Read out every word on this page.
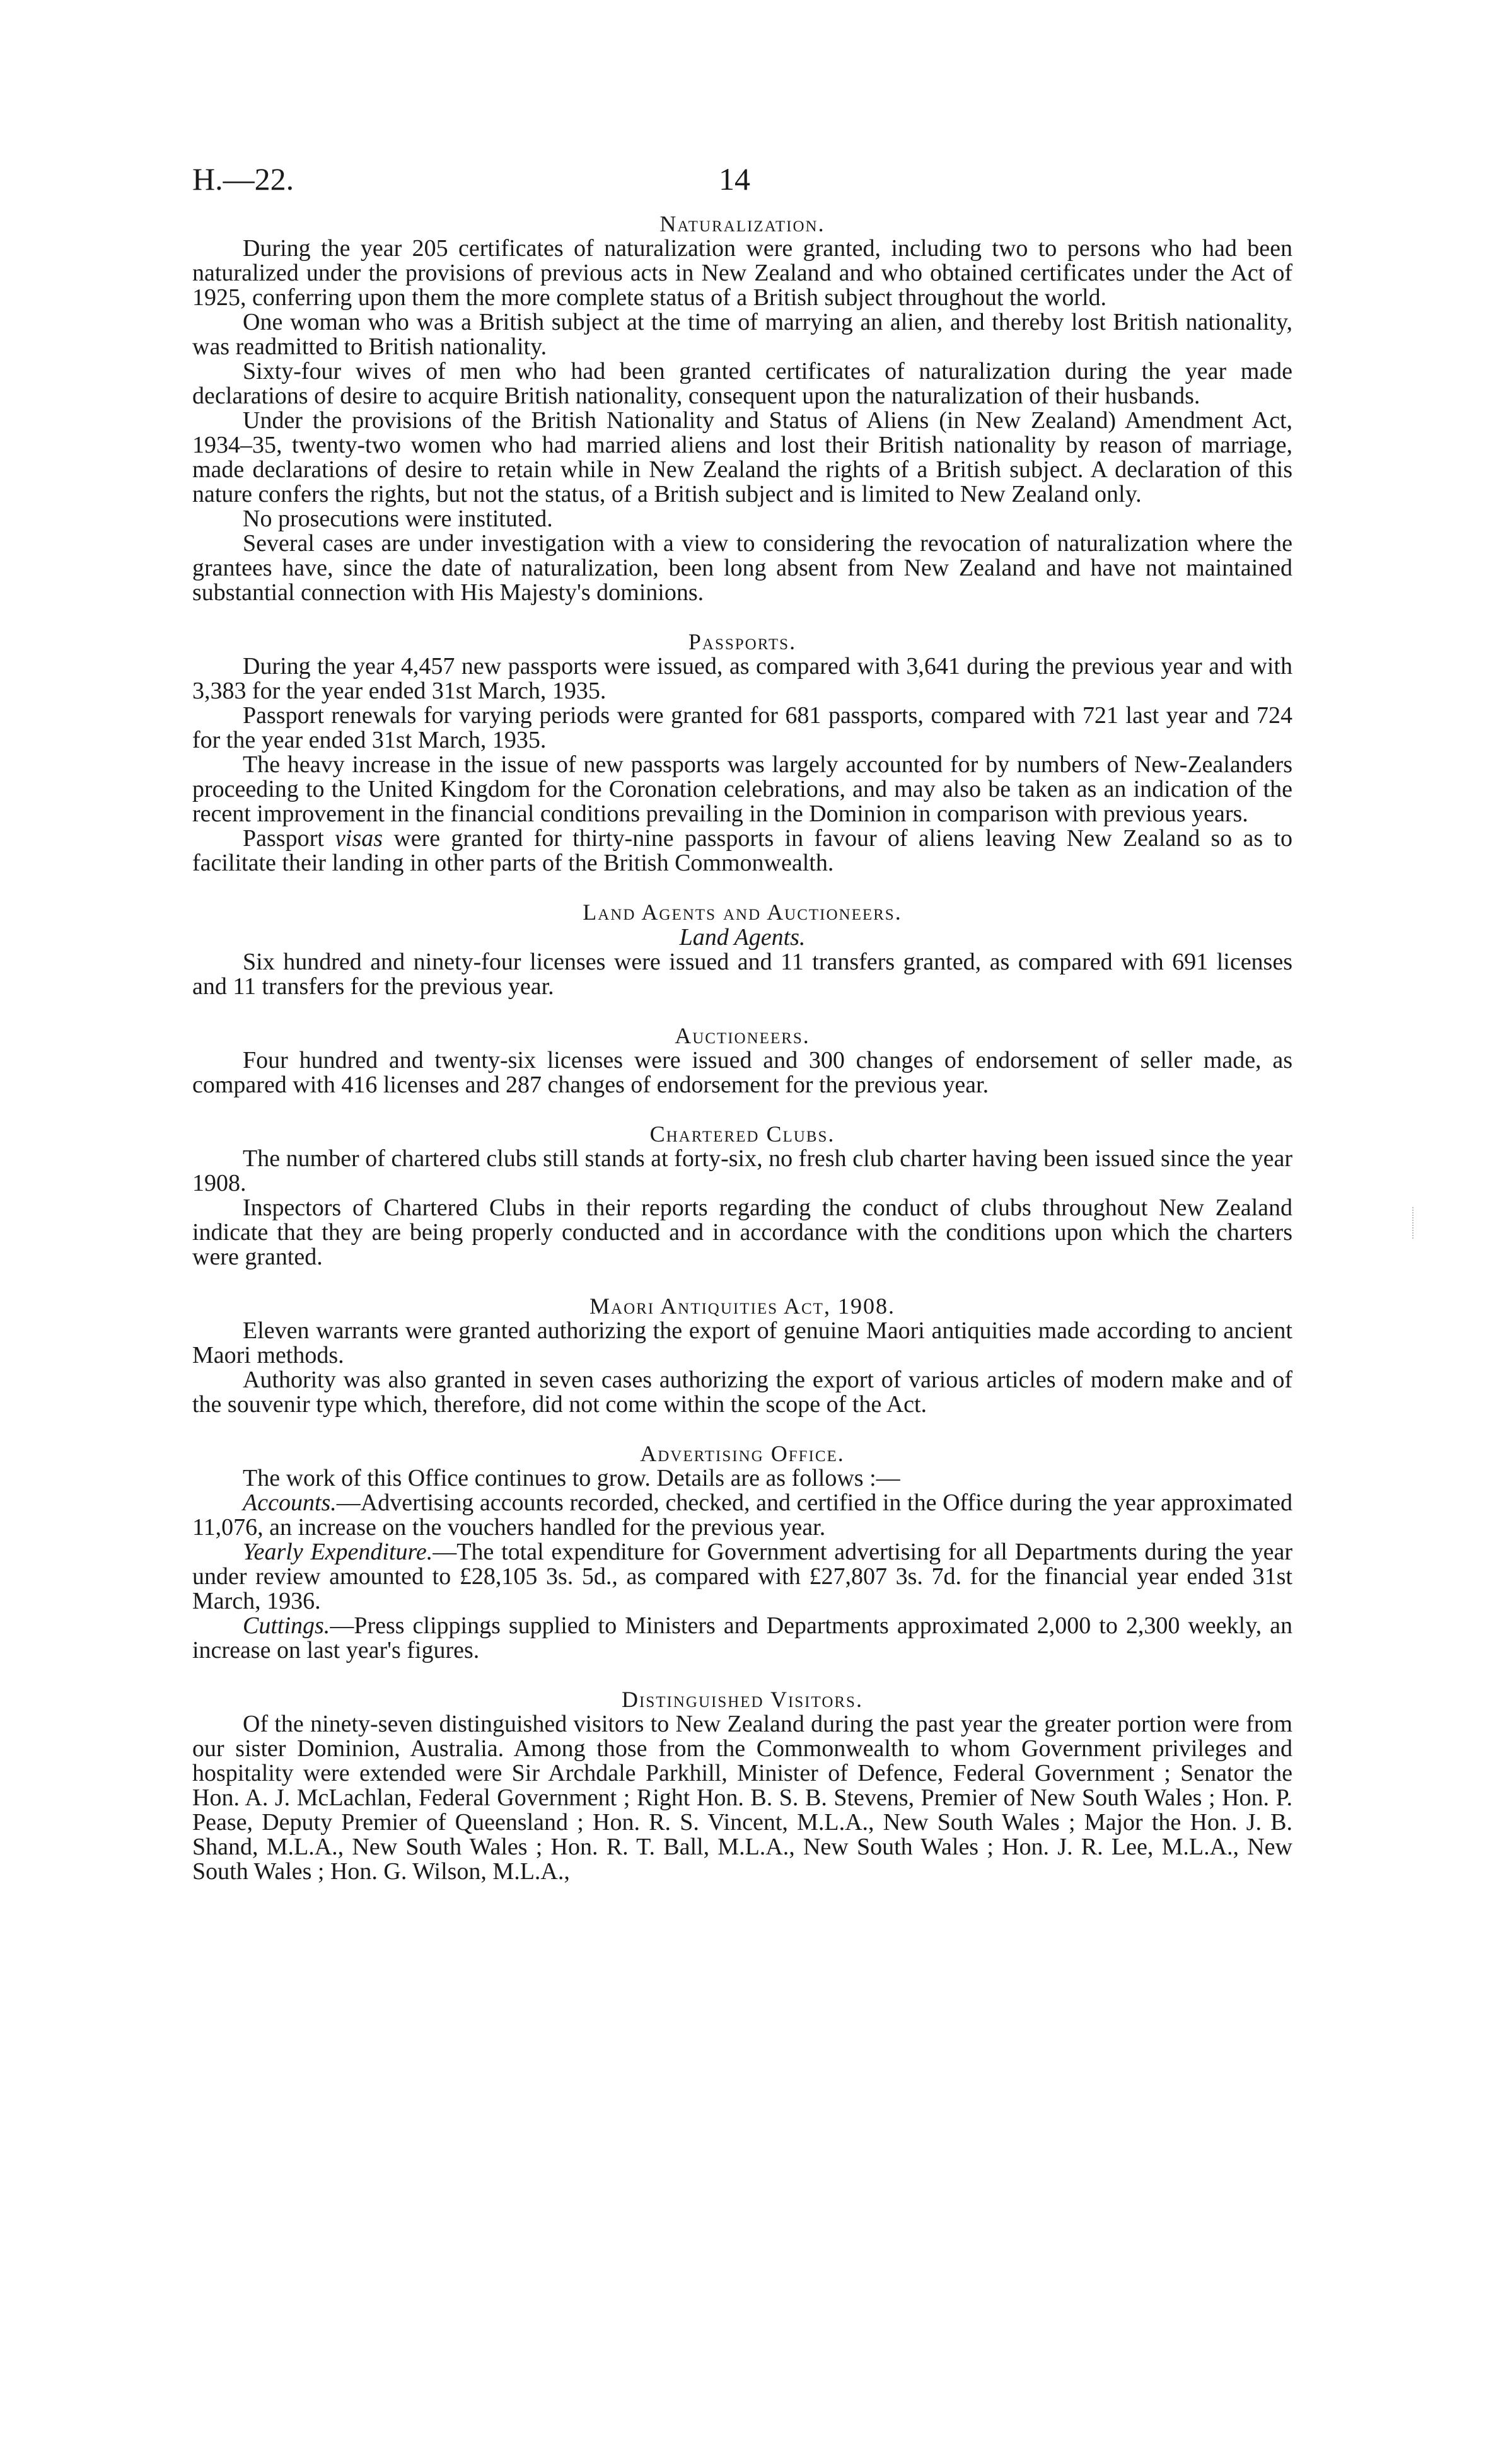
H.—22.	14
Naturalization.

During the year 205 certificates of naturalization were granted, including two to persons who had been naturalized under the provisions of previous acts in New Zealand and who obtained certificates under the Act of 1925, conferring upon them the more complete status of a British subject throughout the world.

One woman who was a British subject at the time of marrying an alien, and thereby lost British nationality, was readmitted to British nationality.

Sixty-four wives of men who had been granted certificates of naturalization during the year made declarations of desire to acquire British nationality, consequent upon the naturalization of their husbands.

Under the provisions of the British Nationality and Status of Aliens (in New Zealand) Amendment Act, 1934–35, twenty-two women who had married aliens and lost their British nationality by reason of marriage, made declarations of desire to retain while in New Zealand the rights of a British subject. A declaration of this nature confers the rights, but not the status, of a British subject and is limited to New Zealand only.

No prosecutions were instituted.

Several cases are under investigation with a view to considering the revocation of naturalization where the grantees have, since the date of naturalization, been long absent from New Zealand and have not maintained substantial connection with His Majesty's dominions.

Passports.

During the year 4,457 new passports were issued, as compared with 3,641 during the previous year and with 3,383 for the year ended 31st March, 1935.

Passport renewals for varying periods were granted for 681 passports, compared with 721 last year and 724 for the year ended 31st March, 1935.

The heavy increase in the issue of new passports was largely accounted for by numbers of New-Zealanders proceeding to the United Kingdom for the Coronation celebrations, and may also be taken as an indication of the recent improvement in the financial conditions prevailing in the Dominion in comparison with previous years.

Passport visas were granted for thirty-nine passports in favour of aliens leaving New Zealand so as to facilitate their landing in other parts of the British Commonwealth.

Land Agents and Auctioneers.
Land Agents.

Six hundred and ninety-four licenses were issued and 11 transfers granted, as compared with 691 licenses and 11 transfers for the previous year.

Auctioneers.

Four hundred and twenty-six licenses were issued and 300 changes of endorsement of seller made, as compared with 416 licenses and 287 changes of endorsement for the previous year.

Chartered Clubs.

The number of chartered clubs still stands at forty-six, no fresh club charter having been issued since the year 1908.

Inspectors of Chartered Clubs in their reports regarding the conduct of clubs throughout New Zealand indicate that they are being properly conducted and in accordance with the conditions upon which the charters were granted.

Maori Antiquities Act, 1908.

Eleven warrants were granted authorizing the export of genuine Maori antiquities made according to ancient Maori methods.

Authority was also granted in seven cases authorizing the export of various articles of modern make and of the souvenir type which, therefore, did not come within the scope of the Act.

Advertising Office.

The work of this Office continues to grow. Details are as follows :—

Accounts.—Advertising accounts recorded, checked, and certified in the Office during the year approximated 11,076, an increase on the vouchers handled for the previous year.

Yearly Expenditure.—The total expenditure for Government advertising for all Departments during the year under review amounted to £28,105 3s. 5d., as compared with £27,807 3s. 7d. for the financial year ended 31st March, 1936.

Cuttings.—Press clippings supplied to Ministers and Departments approximated 2,000 to 2,300 weekly, an increase on last year's figures.

Distinguished Visitors.

Of the ninety-seven distinguished visitors to New Zealand during the past year the greater portion were from our sister Dominion, Australia. Among those from the Commonwealth to whom Government privileges and hospitality were extended were Sir Archdale Parkhill, Minister of Defence, Federal Government ; Senator the Hon. A. J. McLachlan, Federal Government ; Right Hon. B. S. B. Stevens, Premier of New South Wales ; Hon. P. Pease, Deputy Premier of Queensland ; Hon. R. S. Vincent, M.L.A., New South Wales ; Major the Hon. J. B. Shand, M.L.A., New South Wales ; Hon. R. T. Ball, M.L.A., New South Wales ; Hon. J. R. Lee, M.L.A., New South Wales ; Hon. G. Wilson, M.L.A.,
